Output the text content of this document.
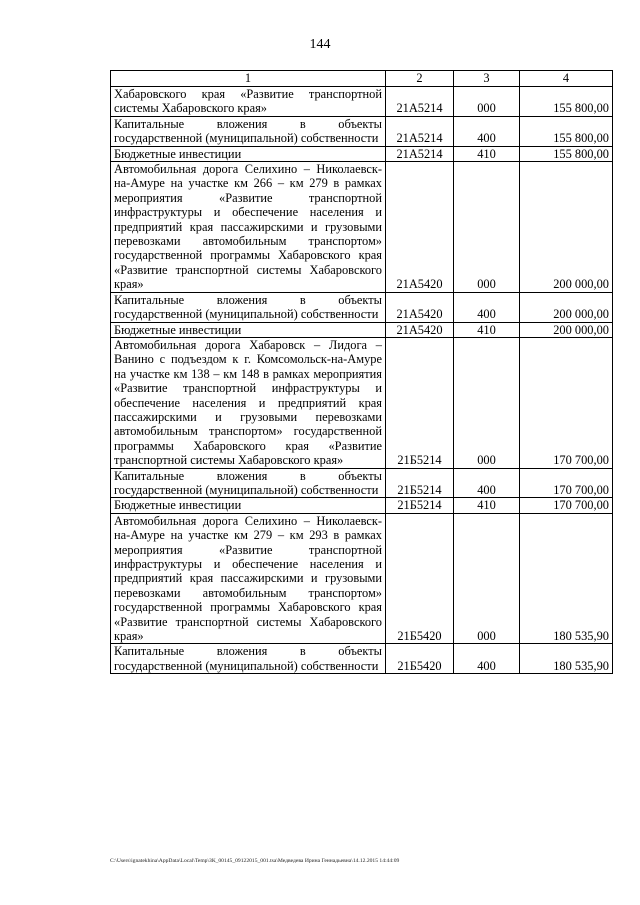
144
1	2	3	4
Хабаровского края «Развитие транспортной системы Хабаровского края»	21А5214	000	155 800,00
Капитальные вложения в объекты государственной (муниципальной) собственности	21А5214	400	155 800,00
Бюджетные инвестиции	21А5214	410	155 800,00
Автомобильная дорога Селихино – Николаевск-на-Амуре на участке км 266 – км 279 в рамках мероприятия «Развитие транспортной инфраструктуры и обеспечение населения и предприятий края пассажирскими и грузовыми перевозками автомобильным транспортом» государственной программы Хабаровского края «Развитие транспортной системы Хабаровского края»	21А5420	000	200 000,00
Капитальные вложения в объекты государственной (муниципальной) собственности	21А5420	400	200 000,00
Бюджетные инвестиции	21А5420	410	200 000,00
Автомобильная дорога Хабаровск – Лидога – Ванино с подъездом к г. Комсомольск-на-Амуре на участке км 138 – км 148 в рамках мероприятия «Развитие транспортной инфраструктуры и обеспечение населения и предприятий края пассажирскими и грузовыми перевозками автомобильным транспортом» государственной программы Хабаровского края «Развитие транспортной системы Хабаровского края»	21Б5214	000	170 700,00
Капитальные вложения в объекты государственной (муниципальной) собственности	21Б5214	400	170 700,00
Бюджетные инвестиции	21Б5214	410	170 700,00
Автомобильная дорога Селихино – Николаевск-на-Амуре на участке км 279 – км 293 в рамках мероприятия «Развитие транспортной инфраструктуры и обеспечение населения и предприятий края пассажирскими и грузовыми перевозками автомобильным транспортом» государственной программы Хабаровского края «Развитие транспортной системы Хабаровского края»	21Б5420	000	180 535,90
Капитальные вложения в объекты государственной (муниципальной) собственности	21Б5420	400	180 535,90
C:\Users\ignatekhina\AppData\Local\Temp\ЗК_00145_09122015_001.tsa\Медведева Ирина Геннадьевна\14.12.2015 14:44:09
